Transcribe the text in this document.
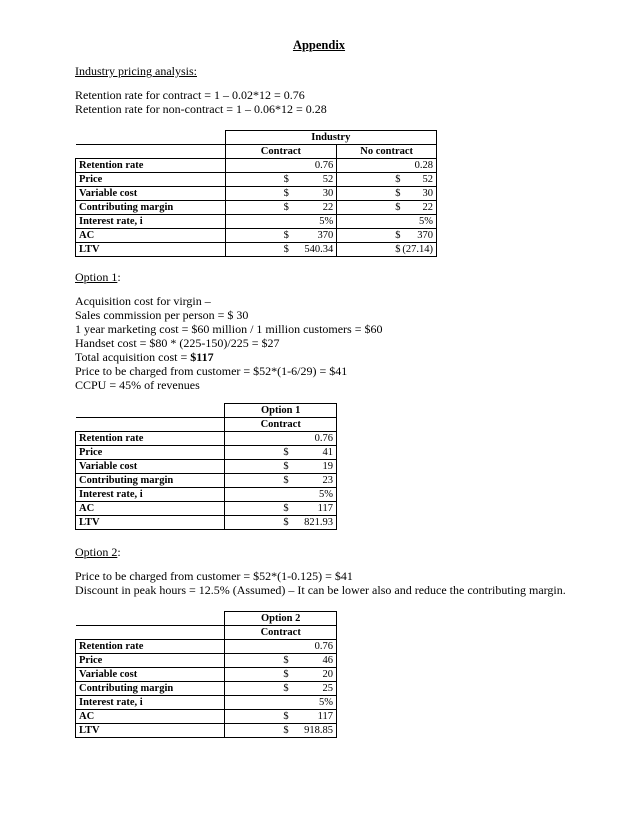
Appendix
Industry pricing analysis:
Retention rate for contract = 1 – 0.02*12 = 0.76
Retention rate for non-contract = 1 – 0.06*12 = 0.28
	Industry	
	Contract	No contract
Retention rate	0.76	0.28
Price	$ 52	$ 52
Variable cost	$ 30	$ 30
Contributing margin	$ 22	$ 22
Interest rate, i	5%	5%
AC	$ 370	$ 370
LTV	$ 540.34	$ (27.14)
Option 1:
Acquisition cost for virgin –
Sales commission per person = $ 30
1 year marketing cost = $60 million / 1 million customers = $60
Handset cost = $80 * (225-150)/225 = $27
Total acquisition cost = $117
Price to be charged from customer = $52*(1-6/29) = $41
CCPU = 45% of revenues
	Option 1
	Contract
Retention rate	0.76
Price	$ 41
Variable cost	$ 19
Contributing margin	$ 23
Interest rate, i	5%
AC	$ 117
LTV	$ 821.93
Option 2:
Price to be charged from customer = $52*(1-0.125) = $41
Discount in peak hours = 12.5% (Assumed) – It can be lower also and reduce the contributing margin.
	Option 2
	Contract
Retention rate	0.76
Price	$ 46
Variable cost	$ 20
Contributing margin	$ 25
Interest rate, i	5%
AC	$ 117
LTV	$ 918.85
